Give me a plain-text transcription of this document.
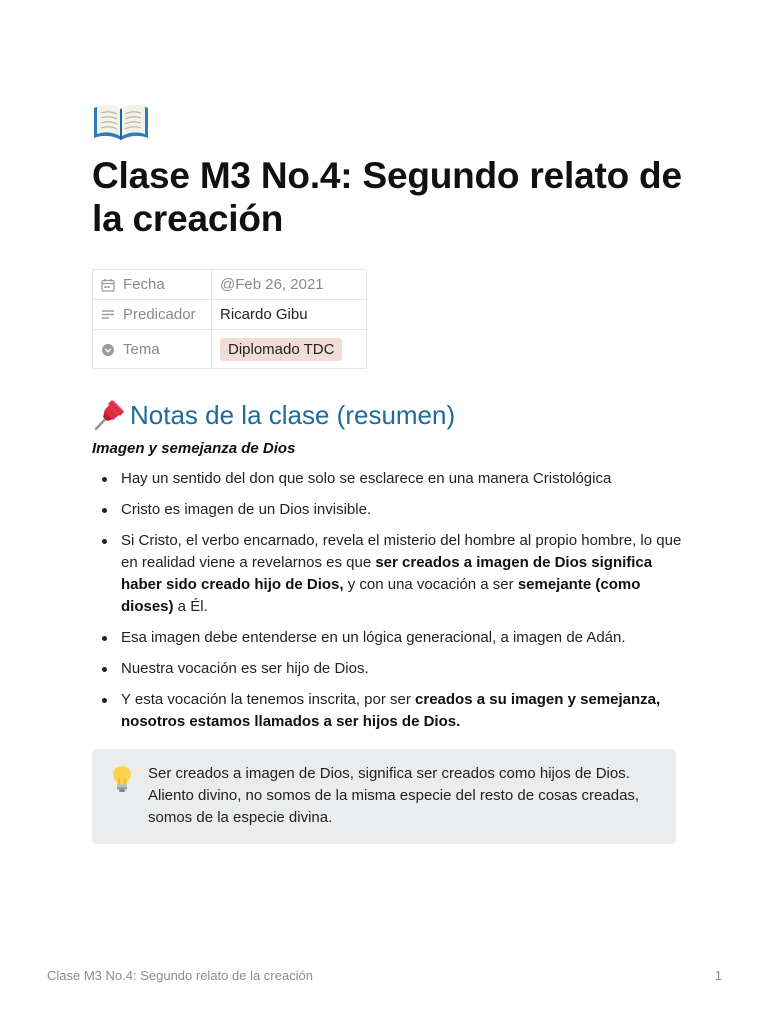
Clase M3 No.4: Segundo relato de la creación
Fecha	@Feb 26, 2021
Predicador	Ricardo Gibu
Tema	Diplomado TDC
Notas de la clase (resumen)

Imagen y semejanza de Dios

Hay un sentido del don que solo se esclarece en una manera Cristológica
Cristo es imagen de un Dios invisible.
Si Cristo, el verbo encarnado, revela el misterio del hombre al propio hombre, lo que en realidad viene a revelarnos es que ser creados a imagen de Dios significa haber sido creado hijo de Dios, y con una vocación a ser semejante (como dioses) a Él.
Esa imagen debe entenderse en un lógica generacional, a imagen de Adán.
Nuestra vocación es ser hijo de Dios.
Y esta vocación la tenemos inscrita, por ser creados a su imagen y semejanza, nosotros estamos llamados a ser hijos de Dios.

Ser creados a imagen de Dios, significa ser creados como hijos de Dios. Aliento divino, no somos de la misma especie del resto de cosas creadas, somos de la especie divina.

Clase M3 No.4: Segundo relato de la creación	1
